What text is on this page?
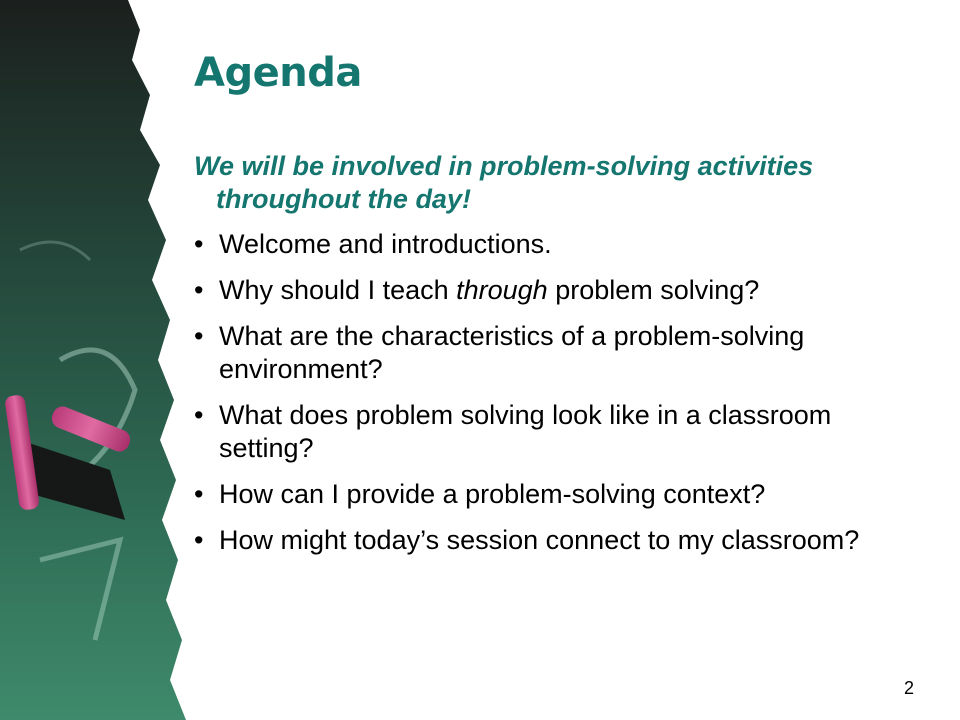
Agenda

We will be involved in problem-solving activities throughout the day!

• Welcome and introductions.
• Why should I teach through problem solving?
• What are the characteristics of a problem-solving environment?
• What does problem solving look like in a classroom setting?
• How can I provide a problem-solving context?
• How might today’s session connect to my classroom?
2
